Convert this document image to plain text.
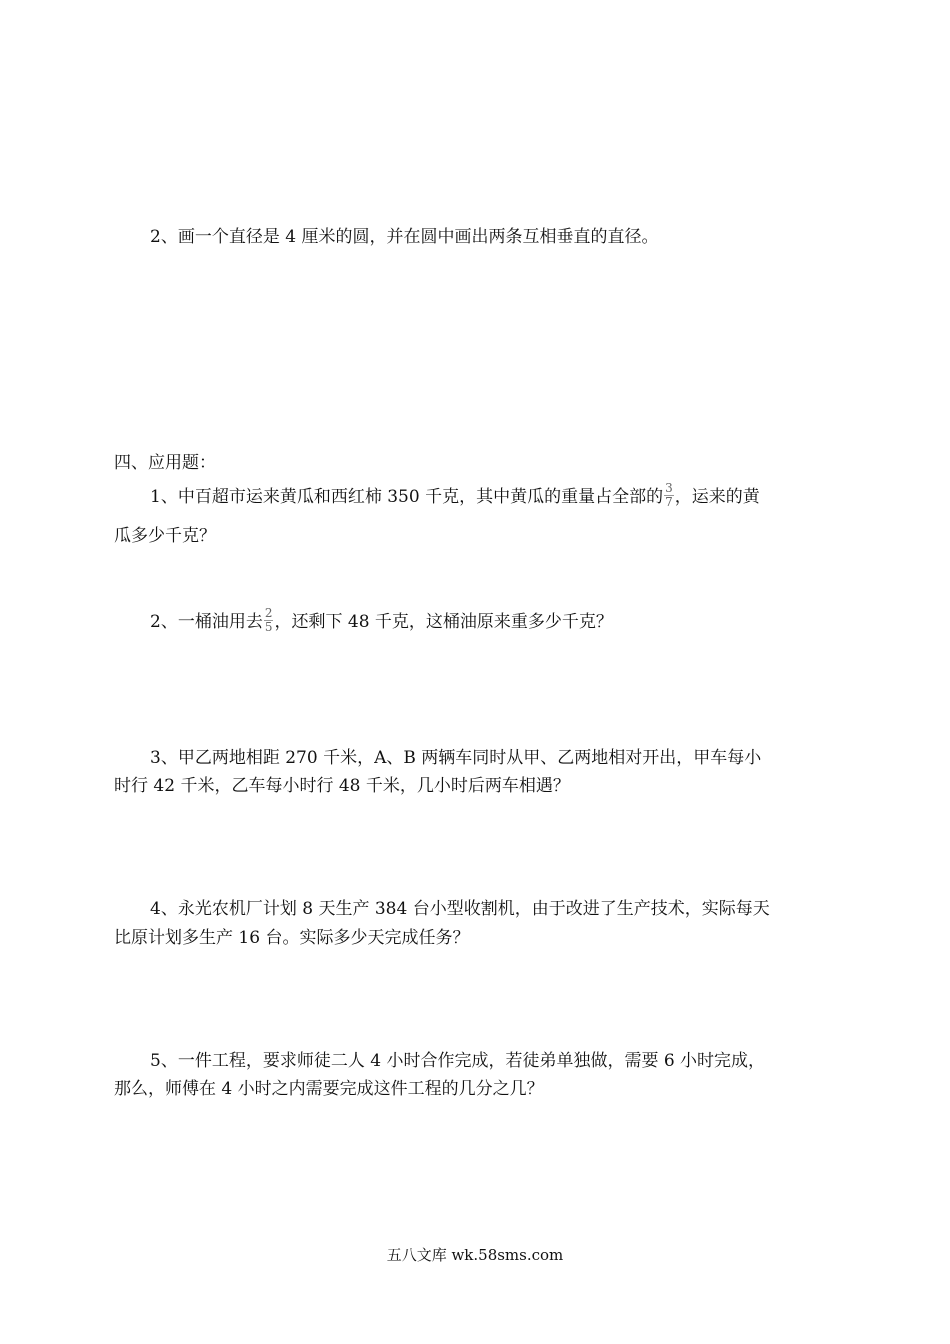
2、画一个直径是 4 厘米的圆，并在圆中画出两条互相垂直的直径。

四、应用题：

1、中百超市运来黄瓜和西红柿 350 千克，其中黄瓜的重量占全部的 $\frac{3}{7}$ ，运来的黄

瓜多少千克？

2、一桶油用去 $\frac{2}{5}$ ，还剩下 48 千克，这桶油原来重多少千克？

3、甲乙两地相距 270 千米，A、B 两辆车同时从甲、乙两地相对开出，甲车每小

时行 42 千米，乙车每小时行 48 千米，几小时后两车相遇？

4、永光农机厂计划 8 天生产 384 台小型收割机，由于改进了生产技术，实际每天

比原计划多生产 16 台。实际多少天完成任务？

5、一件工程，要求师徒二人 4 小时合作完成，若徒弟单独做，需要 6 小时完成，

那么，师傅在 4 小时之内需要完成这件工程的几分之几？

五八文库 wk.58sms.com
